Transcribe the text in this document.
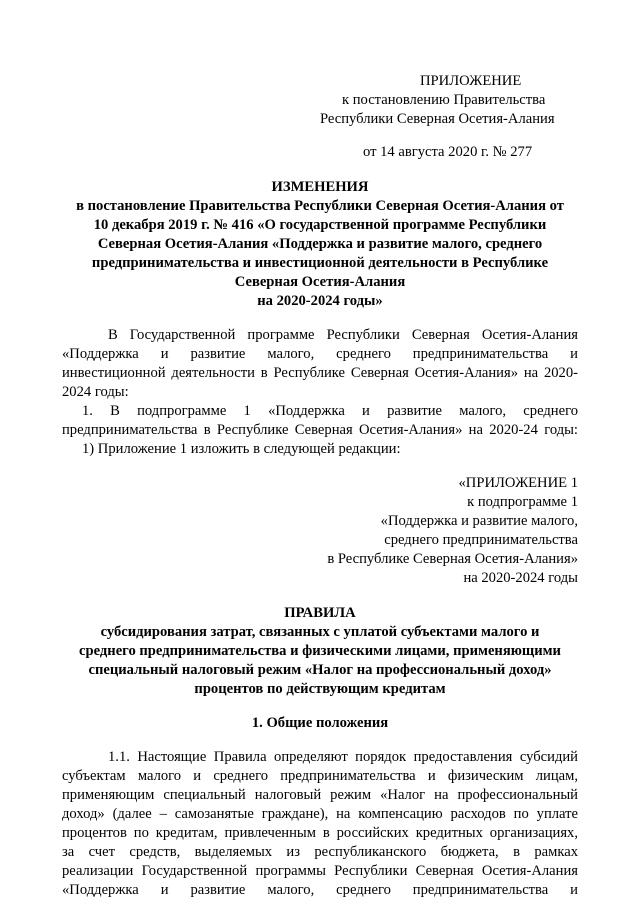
ПРИЛОЖЕНИЕ
к постановлению Правительства
Республики Северная Осетия-Алания
от 14 августа 2020 г. № 277
ИЗМЕНЕНИЯ
в постановление Правительства Республики Северная Осетия-Алания от
10 декабря 2019 г. № 416 «О государственной программе Республики
Северная Осетия-Алания «Поддержка и развитие малого, среднего
предпринимательства и инвестиционной деятельности в Республике
Северная Осетия-Алания
на 2020-2024 годы»
В Государственной программе Республики Северная Осетия-Алания
«Поддержка и развитие малого, среднего предпринимательства и
инвестиционной деятельности в Республике Северная Осетия-Алания» на 2020-
2024 годы:
1. В подпрограмме 1 «Поддержка и развитие малого, среднего
предпринимательства в Республике Северная Осетия-Алания» на 2020-24 годы:
1) Приложение 1 изложить в следующей редакции:
«ПРИЛОЖЕНИЕ 1
к подпрограмме 1
«Поддержка и развитие малого,
среднего предпринимательства
в Республике Северная Осетия-Алания»
на 2020-2024 годы
ПРАВИЛА
субсидирования затрат, связанных с уплатой субъектами малого и
среднего предпринимательства и физическими лицами, применяющими
специальный налоговый режим «Налог на профессиональный доход»
процентов по действующим кредитам
1. Общие положения
1.1. Настоящие Правила определяют порядок предоставления субсидий
субъектам малого и среднего предпринимательства и физическим лицам,
применяющим специальный налоговый режим «Налог на профессиональный
доход» (далее – самозанятые граждане), на компенсацию расходов по уплате
процентов по кредитам, привлеченным в российских кредитных организациях,
за счет средств, выделяемых из республиканского бюджета, в рамках
реализации Государственной программы Республики Северная Осетия-Алания
«Поддержка и развитие малого, среднего предпринимательства и
